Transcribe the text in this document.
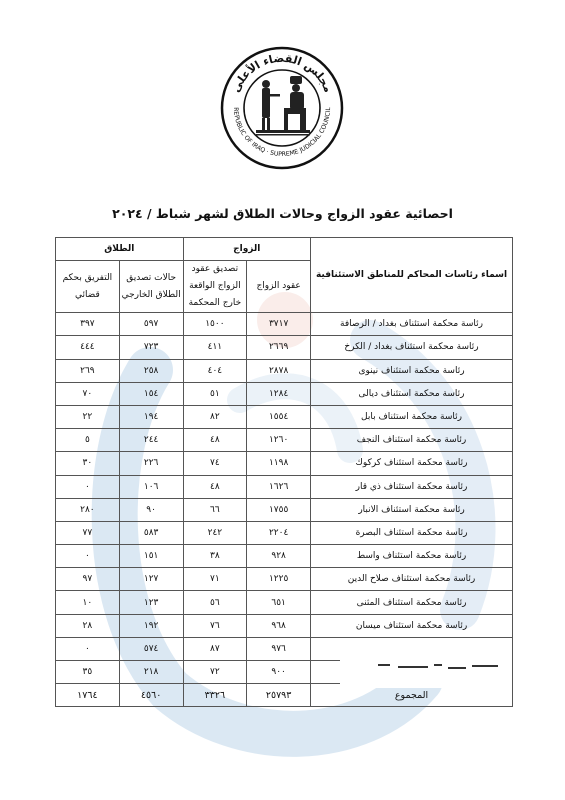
مجلس القضاء الأعلى
REPUBLIC OF IRAQ · SUPREME JUDICIAL COUNCIL
احصائية عقود الزواج وحالات الطلاق لشهر شباط / ٢٠٢٤
اسماء رئاسات المحاكم للمناطق الاستئنافية	الزواج		الطلاق	
	عقود الزواج	تصديق عقود الزواج الواقعة خارج المحكمة	حالات تصديق الطلاق الخارجي	التفريق بحكم قضائي
رئاسة محكمة استئناف بغداد / الرصافة	٣٧١٧	١٥٠٠	٥٩٧	٣٩٧
رئاسة محكمة استئناف بغداد / الكرخ	٢٦٦٩	٤١١	٧٢٣	٤٤٤
رئاسة محكمة استئناف نينوى	٢٨٧٨	٤٠٤	٢٥٨	٢٦٩
رئاسة محكمة استئناف ديالى	١٢٨٤	٥١	١٥٤	٧٠
رئاسة محكمة استئناف بابل	١٥٥٤	٨٢	١٩٤	٢٢
رئاسة محكمة استئناف النجف	١٢٦٠	٤٨	٢٤٤	٥
رئاسة محكمة استئناف كركوك	١١٩٨	٧٤	٢٢٦	٣٠
رئاسة محكمة استئناف ذي قار	١٦٢٦	٤٨	١٠٦	٠
رئاسة محكمة استئناف الانبار	١٧٥٥	٦٦	٩٠	٢٨٠
رئاسة محكمة استئناف البصرة	٢٢٠٤	٢٤٢	٥٨٣	٧٧
رئاسة محكمة استئناف واسط	٩٢٨	٣٨	١٥١	٠
رئاسة محكمة استئناف صلاح الدين	١٢٢٥	٧١	١٢٧	٩٧
رئاسة محكمة استئناف المثنى	٦٥١	٥٦	١٢٣	١٠
رئاسة محكمة استئناف ميسان	٩٦٨	٧٦	١٩٢	٢٨
	٩٧٦	٨٧	٥٧٤	٠
	٩٠٠	٧٢	٢١٨	٣٥
المجموع	٢٥٧٩٣	٣٣٢٦	٤٥٦٠	١٧٦٤
